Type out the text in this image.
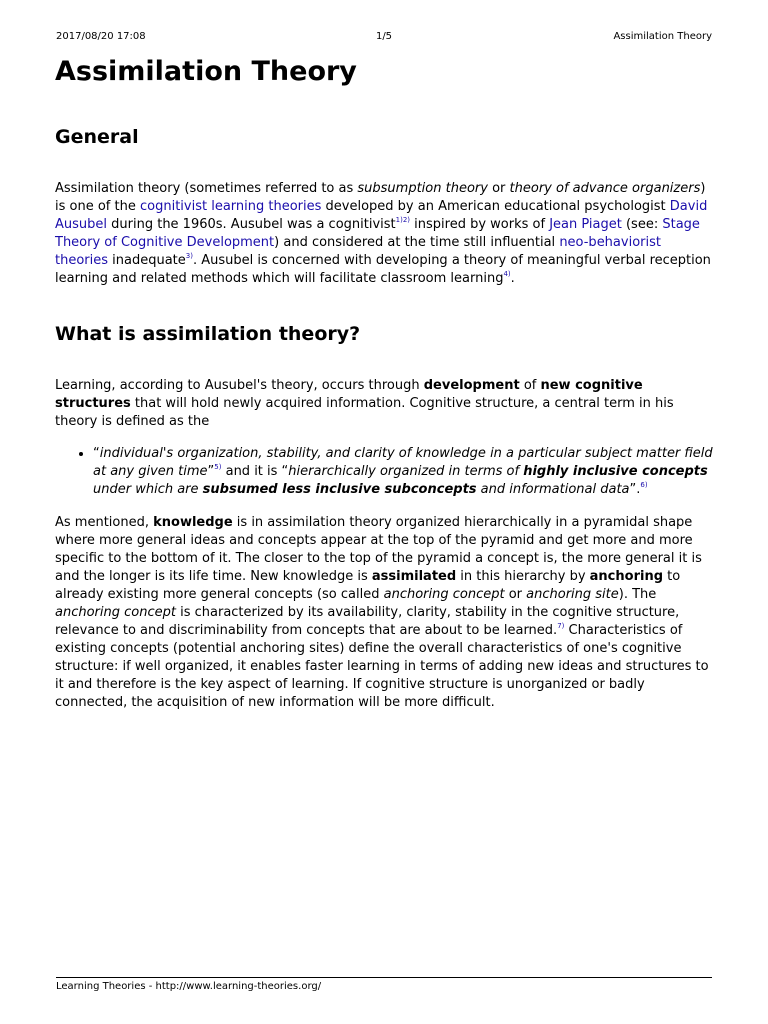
2017/08/20 17:08	1/5	Assimilation Theory
Assimilation Theory
General

Assimilation theory (sometimes referred to as subsumption theory or theory of advance organizers) is one of the cognitivist learning theories developed by an American educational psychologist David Ausubel during the 1960s. Ausubel was a cognitivist$^{1)2)}$ inspired by works of Jean Piaget (see: Stage Theory of Cognitive Development) and considered at the time still influential neo-behaviorist theories inadequate$^{3)}$. Ausubel is concerned with developing a theory of meaningful verbal reception learning and related methods which will facilitate classroom learning$^{4)}$.

What is assimilation theory?

Learning, according to Ausubel's theory, occurs through development of new cognitive structures that will hold newly acquired information. Cognitive structure, a central term in his theory is defined as the

• “individual's organization, stability, and clarity of knowledge in a particular subject matter field at any given time”$^{5)}$ and it is “hierarchically organized in terms of highly inclusive concepts under which are subsumed less inclusive subconcepts and informational data”.$^{6)}$

As mentioned, knowledge is in assimilation theory organized hierarchically in a pyramidal shape where more general ideas and concepts appear at the top of the pyramid and get more and more specific to the bottom of it. The closer to the top of the pyramid a concept is, the more general it is and the longer is its life time. New knowledge is assimilated in this hierarchy by anchoring to already existing more general concepts (so called anchoring concept or anchoring site). The anchoring concept is characterized by its availability, clarity, stability in the cognitive structure, relevance to and discriminability from concepts that are about to be learned.$^{7)}$ Characteristics of existing concepts (potential anchoring sites) define the overall characteristics of one's cognitive structure: if well organized, it enables faster learning in terms of adding new ideas and structures to it and therefore is the key aspect of learning. If cognitive structure is unorganized or badly connected, the acquisition of new information will be more difficult.

Learning Theories - http://www.learning-theories.org/
